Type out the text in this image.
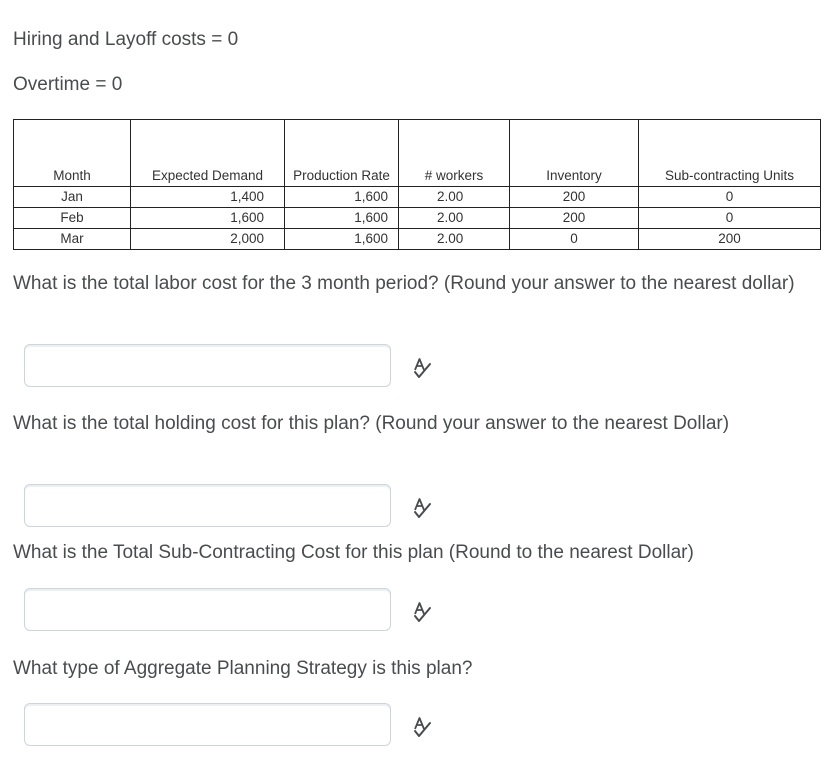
Hiring and Layoff costs = 0

Overtime = 0

Month	Expected Demand	Production Rate	# workers	Inventory	Sub-contracting Units
Jan	1,400	1,600	2.00	200	0
Feb	1,600	1,600	2.00	200	0
Mar	2,000	1,600	2.00	0	200

What is the total labor cost for the 3 month period? (Round your answer to the nearest dollar)

What is the total holding cost for this plan? (Round your answer to the nearest Dollar)

What is the Total Sub-Contracting Cost for this plan (Round to the nearest Dollar)

What type of Aggregate Planning Strategy is this plan?
